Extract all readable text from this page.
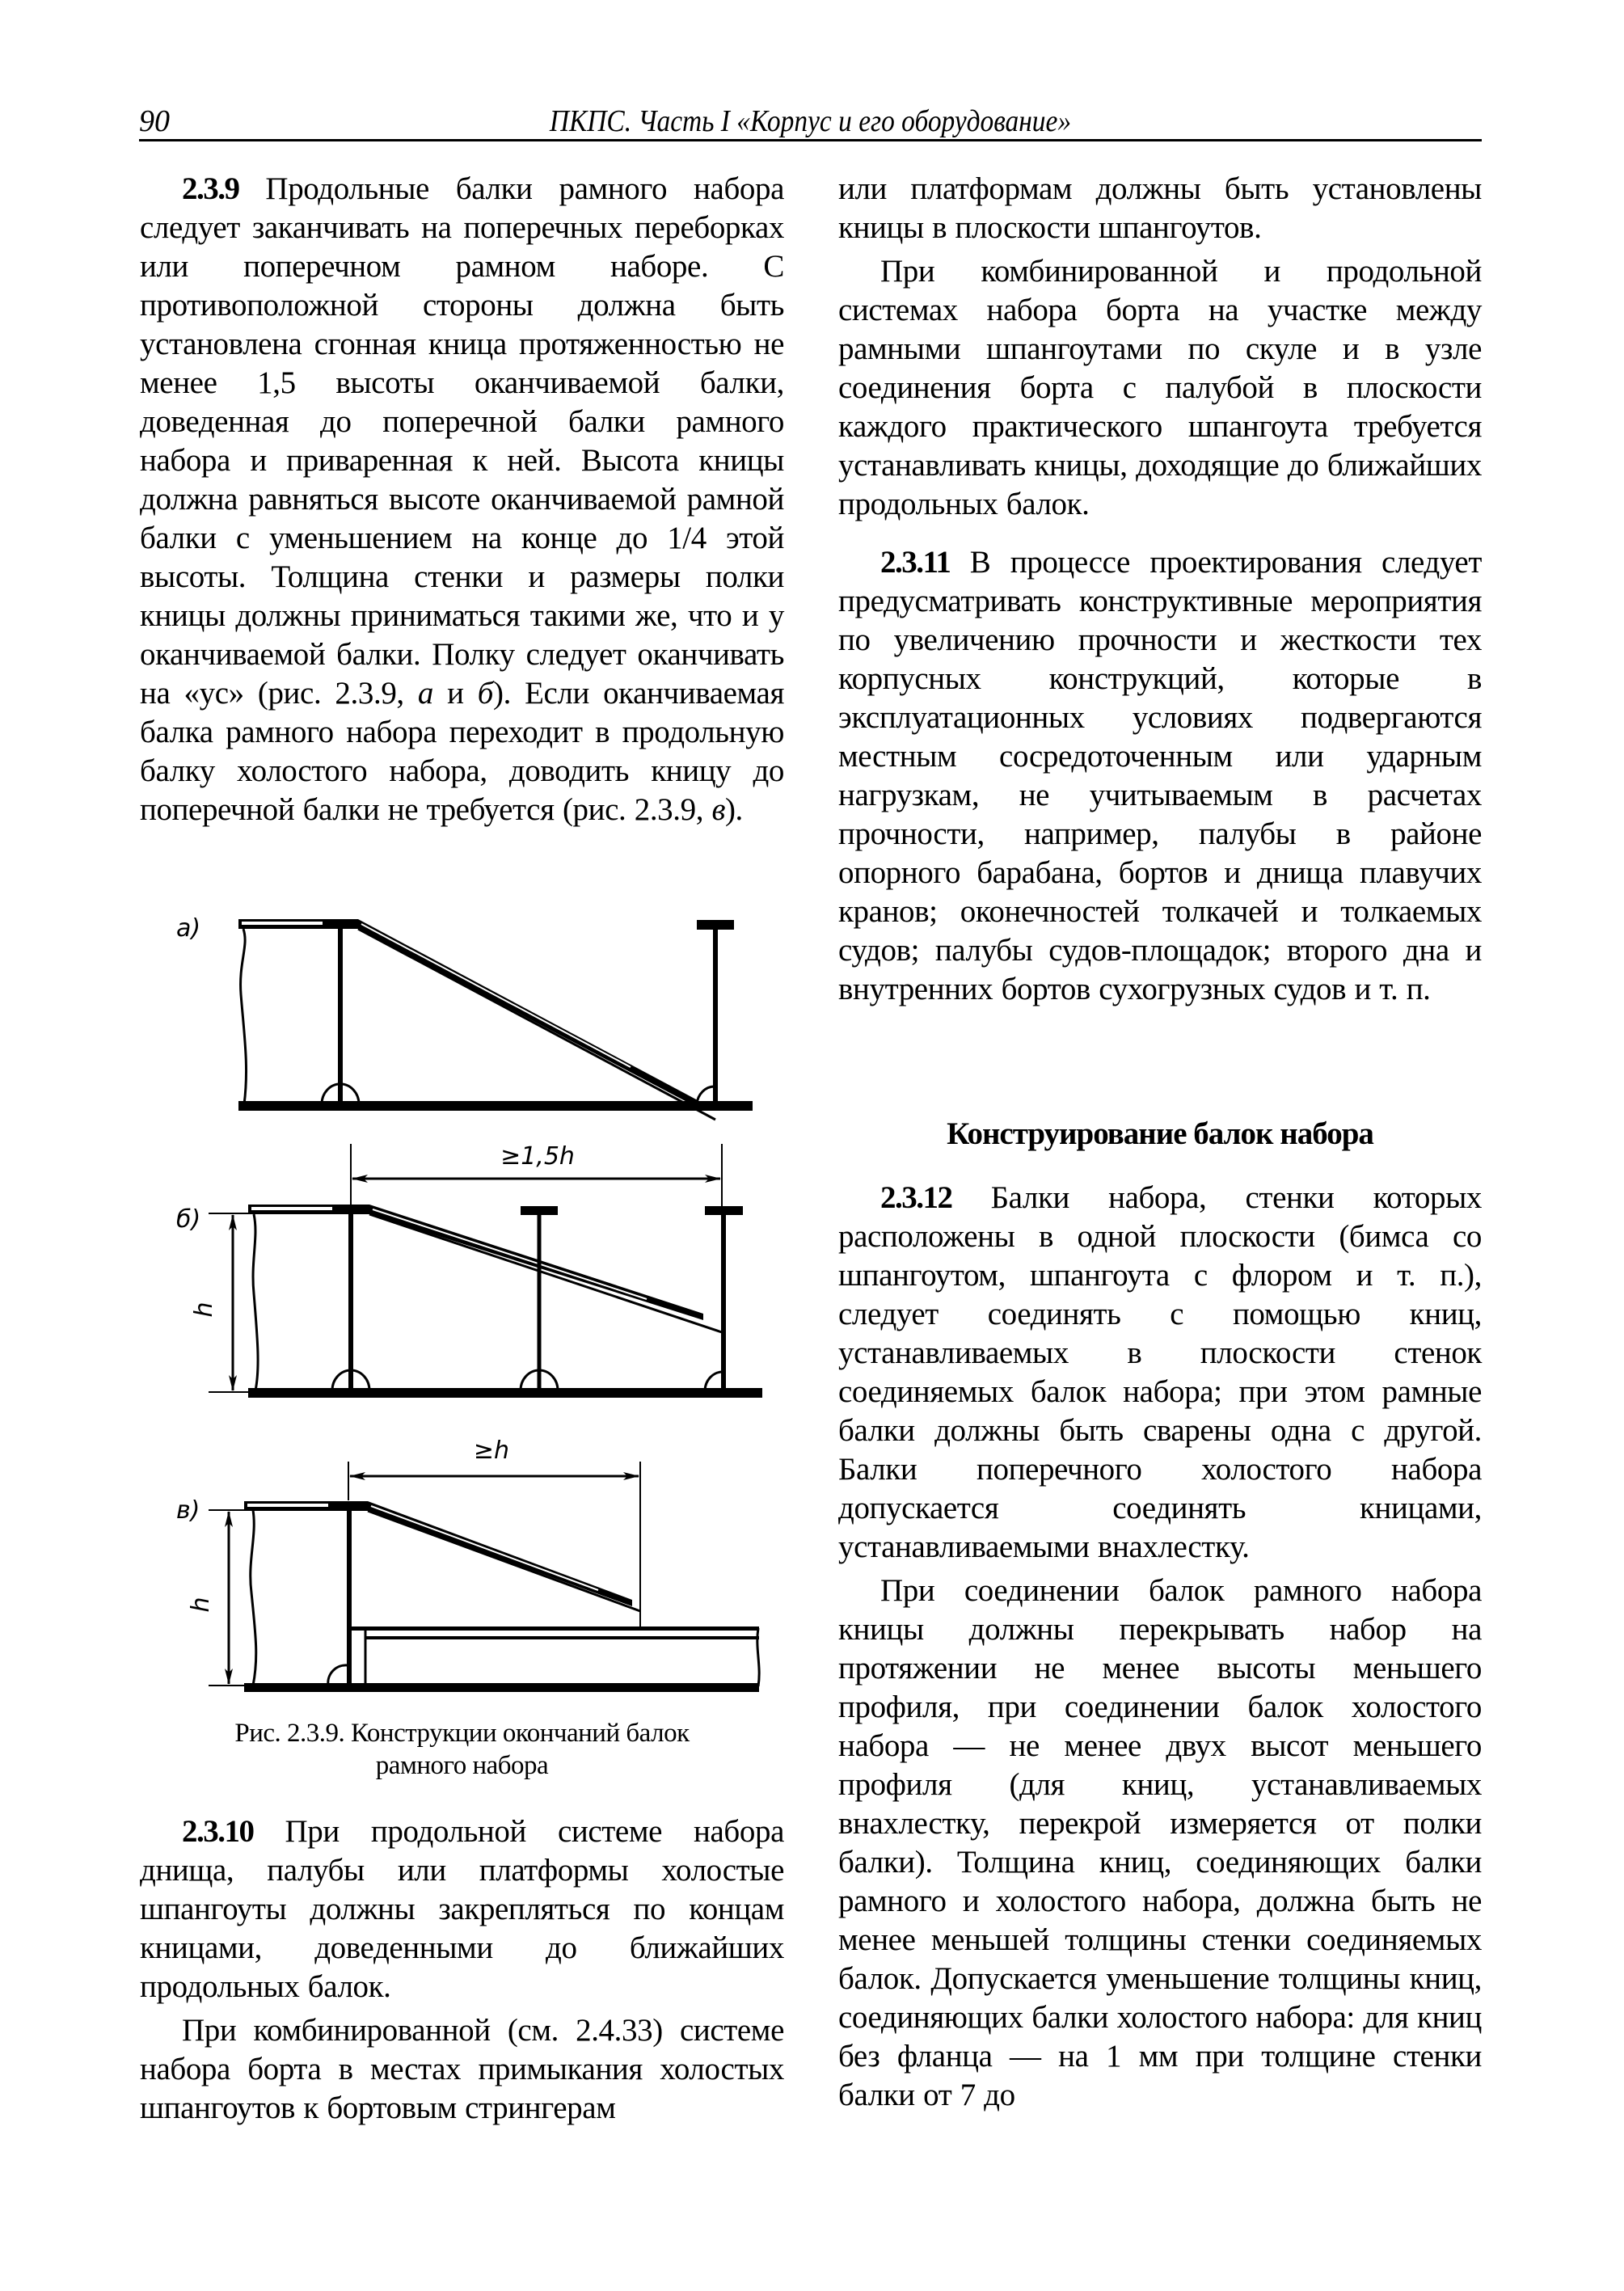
90	ПКПС. Часть I «Корпус и его оборудование»

2.3.9 Продольные балки рамного набора следует заканчивать на поперечных переборках или поперечном рамном наборе. С противоположной стороны должна быть установлена сгонная кница протяженностью не менее 1,5 высоты оканчиваемой балки, доведенная до поперечной балки рамного набора и приваренная к ней. Высота кницы должна равняться высоте оканчиваемой рамной балки с уменьшением на конце до 1/4 этой высоты. Толщина стенки и размеры полки кницы должны приниматься такими же, что и у оканчиваемой балки. Полку следует оканчивать на «ус» (рис. 2.3.9, а и б). Если оканчиваемая балка рамного набора переходит в продольную балку холостого набора, доводить кницу до поперечной балки не требуется (рис. 2.3.9, в).

а)
б)
≥1,5h
h
в)
≥h
h
Рис. 2.3.9. Конструкции окончаний балок
рамного набора

2.3.10 При продольной системе набора днища, палубы или платформы холостые шпангоуты должны закрепляться по концам кницами, доведенными до ближайших продольных балок.

При комбинированной (см. 2.4.33) системе набора борта в местах примыкания холостых шпангоутов к бортовым стрингерам

или платформам должны быть установлены кницы в плоскости шпангоутов.

При комбинированной и продольной системах набора борта на участке между рамными шпангоутами по скуле и в узле соединения борта с палубой в плоскости каждого практического шпангоута требуется устанавливать кницы, доходящие до ближайших продольных балок.

2.3.11 В процессе проектирования следует предусматривать конструктивные мероприятия по увеличению прочности и жесткости тех корпусных конструкций, которые в эксплуатационных условиях подвергаются местным сосредоточенным или ударным нагрузкам, не учитываемым в расчетах прочности, например, палубы в районе опорного барабана, бортов и днища плавучих кранов; оконечностей толкачей и толкаемых судов; палубы судов-площадок; второго дна и внутренних бортов сухогрузных судов и т. п.

Конструирование балок набора

2.3.12 Балки набора, стенки которых расположены в одной плоскости (бимса со шпангоутом, шпангоута с флором и т. п.), следует соединять с помощью книц, устанавливаемых в плоскости стенок соединяемых балок набора; при этом рамные балки должны быть сварены одна с другой. Балки поперечного холостого набора допускается соединять кницами, устанавливаемыми внахлестку.

При соединении балок рамного набора кницы должны перекрывать набор на протяжении не менее высоты меньшего профиля, при соединении балок холостого набора — не менее двух высот меньшего профиля (для книц, устанавливаемых внахлестку, перекрой измеряется от полки балки). Толщина книц, соединяющих балки рамного и холостого набора, должна быть не менее меньшей толщины стенки соединяемых балок. Допускается уменьшение толщины книц, соединяющих балки холостого набора: для книц без фланца — на 1 мм при толщине стенки балки от 7 до
